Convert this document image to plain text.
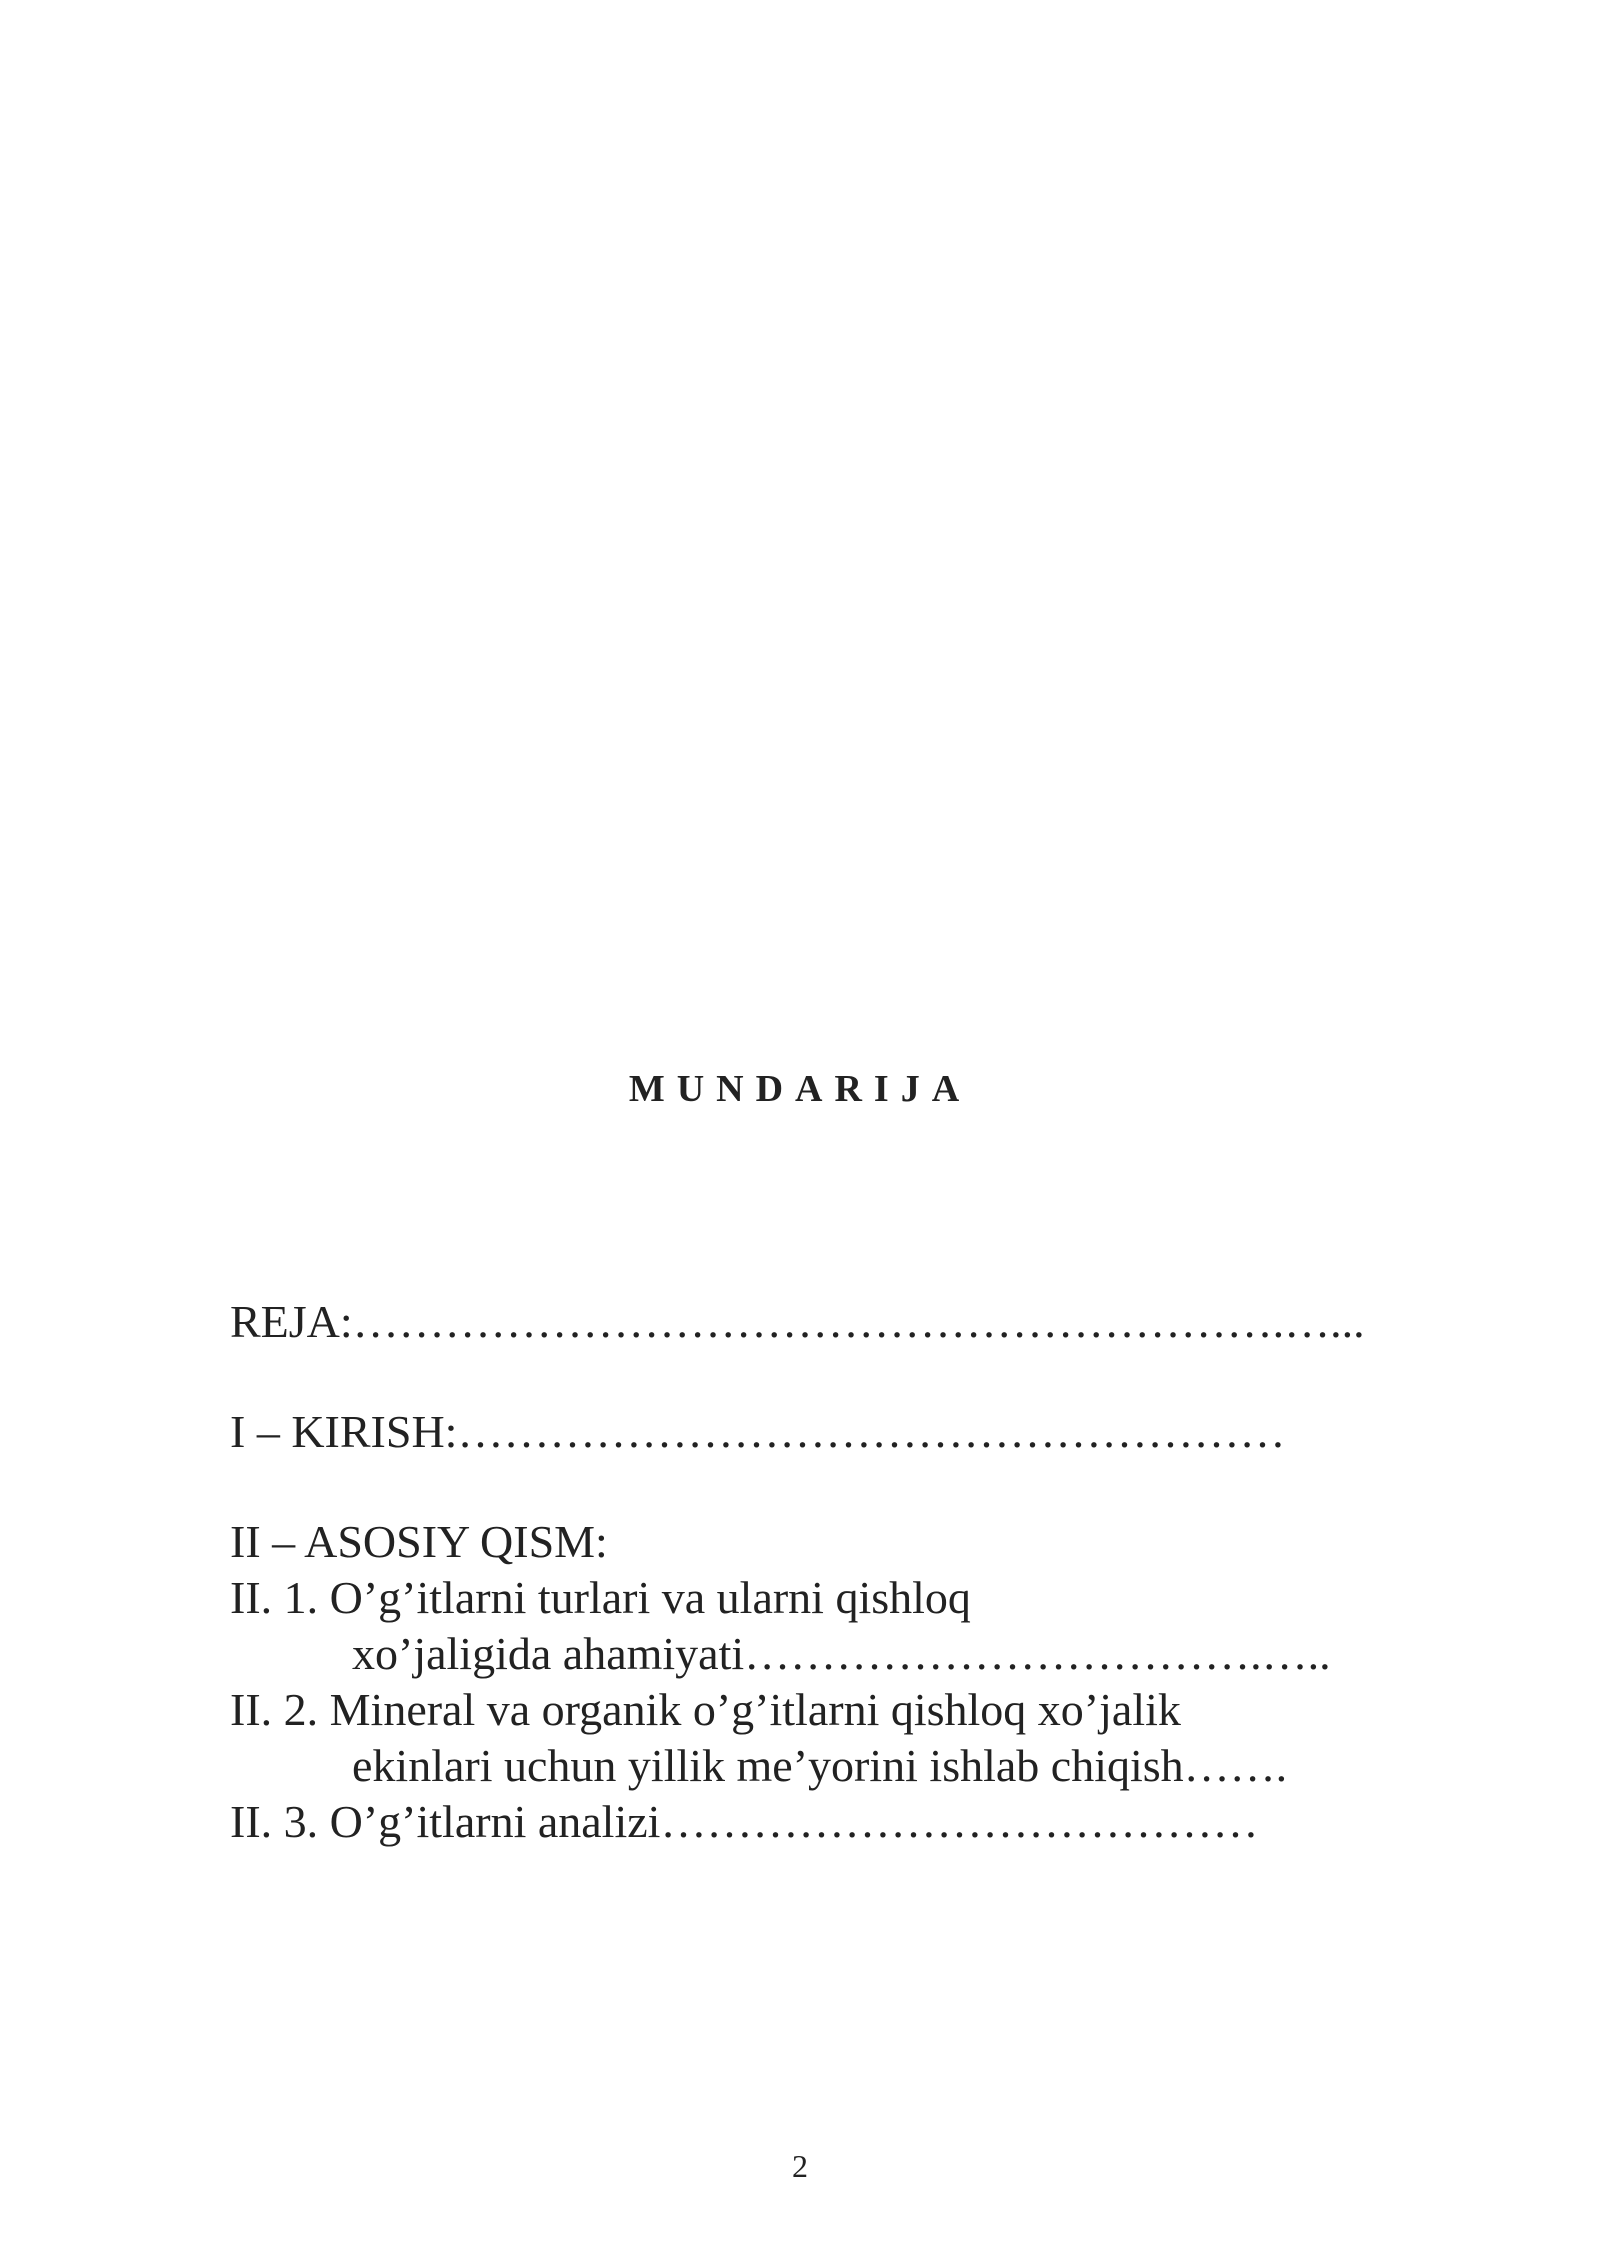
MUNDARIJA
REJA:…………………………………………………….…...
I – KIRISH:………………………………………………
II – ASOSIY QISM:
II. 1. O’g’itlarni turlari va ularni qishloq
xo’jaligida ahamiyati…………………………….…..
II. 2. Mineral va organik o’g’itlarni qishloq xo’jalik
ekinlari uchun yillik me’yorini ishlab chiqish…….
II. 3. O’g’itlarni analizi…………………………………
2
